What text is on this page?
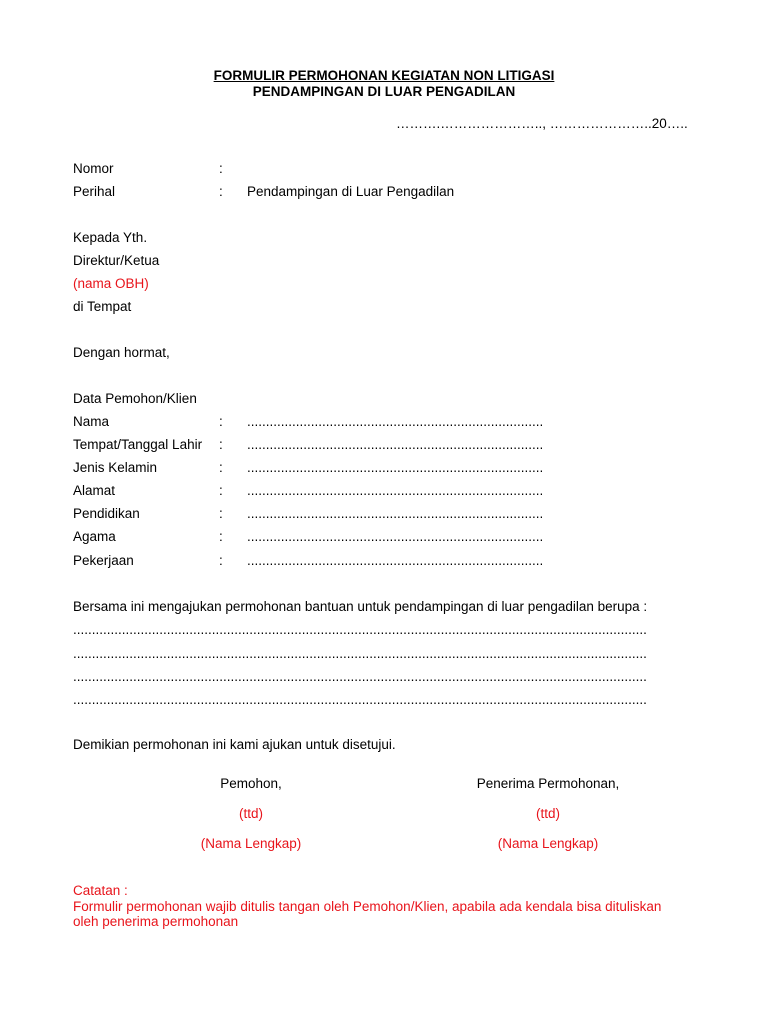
FORMULIR PERMOHONAN KEGIATAN NON LITIGASI
PENDAMPINGAN DI LUAR PENGADILAN
……….………………….., …………………..20…..
Nomor	:
Perihal	: Pendampingan di Luar Pengadilan
Kepada Yth.
Direktur/Ketua
(nama OBH)
di Tempat
Dengan hormat,
Data Pemohon/Klien
Nama	: ...............................................................................
Tempat/Tanggal Lahir : ...............................................................................
Jenis Kelamin	: ...............................................................................
Alamat	: ...............................................................................
Pendidikan	: ...............................................................................
Agama	: ...............................................................................
Pekerjaan	: ...............................................................................
Bersama ini mengajukan permohonan bantuan untuk pendampingan di luar pengadilan berupa :
.........................................................................................................................................................
.........................................................................................................................................................
.........................................................................................................................................................
.........................................................................................................................................................
Demikian permohonan ini kami ajukan untuk disetujui.
Pemohon,
(ttd)
(Nama Lengkap)
Penerima Permohonan,
(ttd)
(Nama Lengkap)
Catatan :
Formulir permohonan wajib ditulis tangan oleh Pemohon/Klien, apabila ada kendala bisa dituliskan
oleh penerima permohonan
